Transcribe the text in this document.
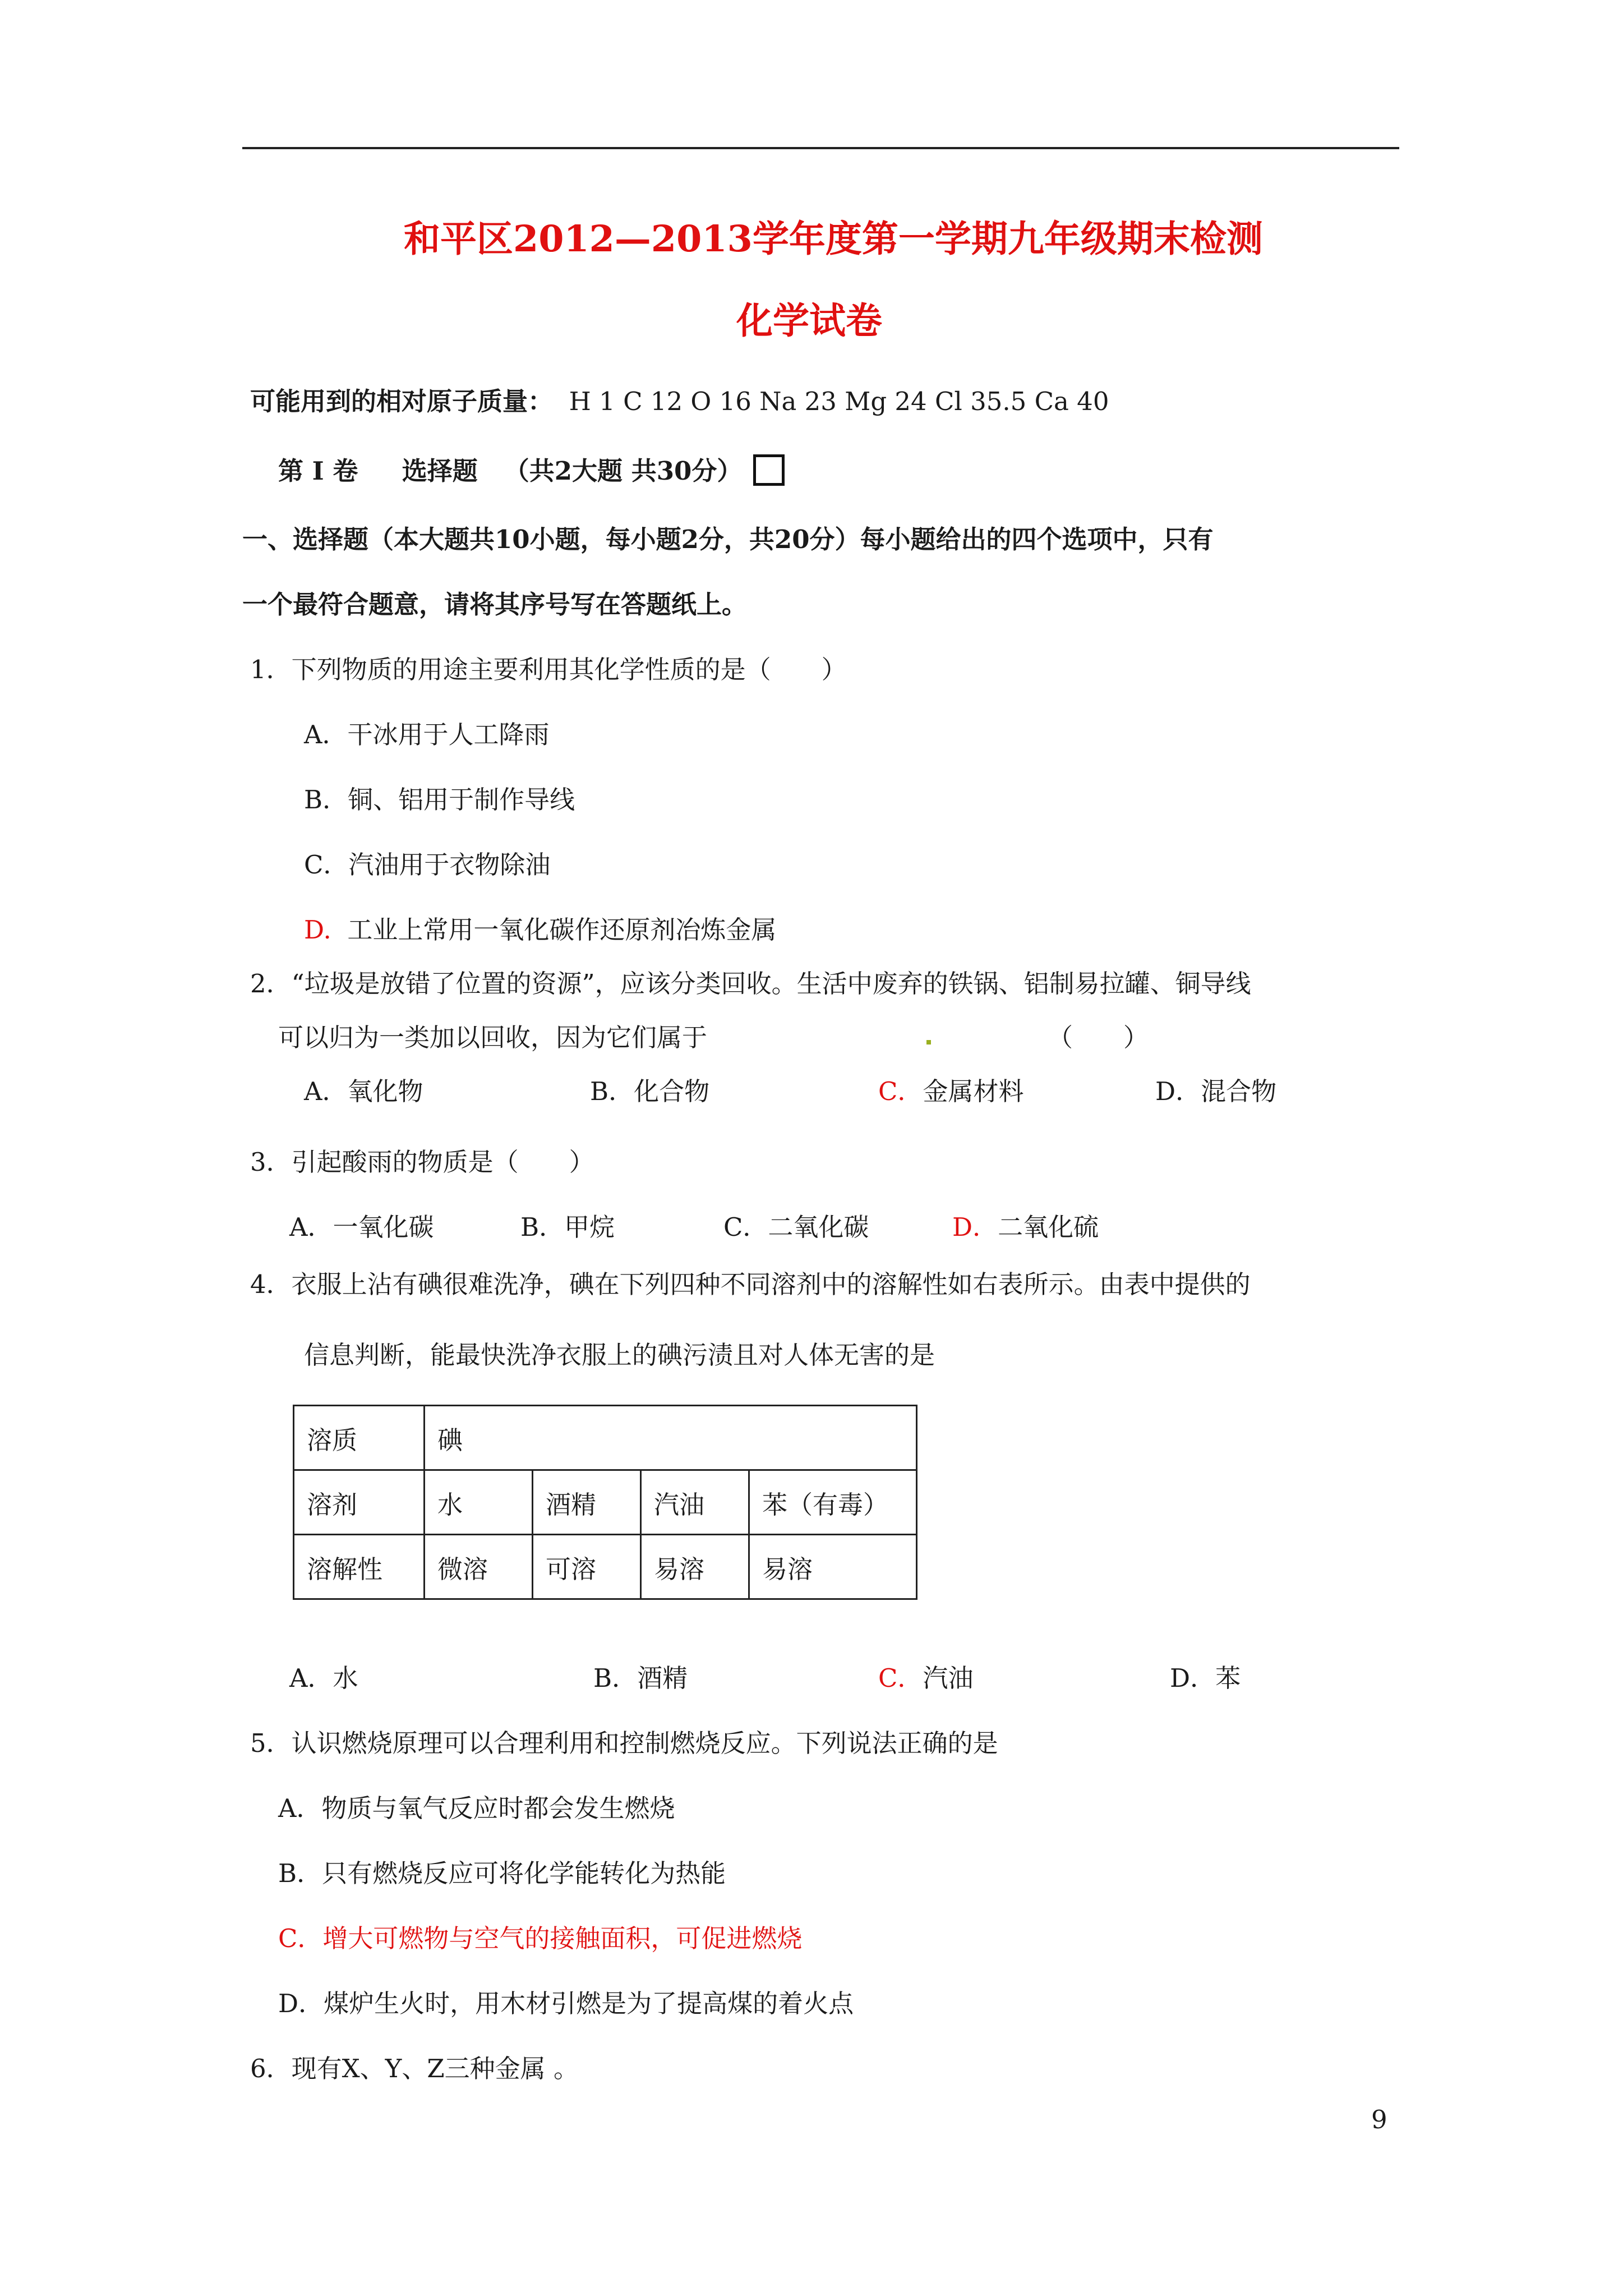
和平区2012—2013学年度第一学期九年级期末检测
化学试卷
可能用到的相对原子质量： H 1 C 12 O 16 Na 23 Mg 24 Cl 35.5 Ca 40
第 Ⅰ 卷 选择题 （共2大题 共30分）
一、选择题（本大题共10小题，每小题2分，共20分）每小题给出的四个选项中，只有
一个最符合题意，请将其序号写在答题纸上。
1．下列物质的用途主要利用其化学性质的是（　　）
A．干冰用于人工降雨
B．铜、铝用于制作导线
C．汽油用于衣物除油
D. 工业上常用一氧化碳作还原剂冶炼金属
2．“垃圾是放错了位置的资源”，应该分类回收。生活中废弃的铁锅、铝制易拉罐、铜导线
可以归为一类加以回收，因为它们属于	（　　）
A．氧化物	B．化合物	C．金属材料	D．混合物
3．引起酸雨的物质是（　　）
A．一氧化碳	B．甲烷	C．二氧化碳	D．二氧化硫
4．衣服上沾有碘很难洗净，碘在下列四种不同溶剂中的溶解性如右表所示。由表中提供的
信息判断，能最快洗净衣服上的碘污渍且对人体无害的是
溶质	碘			
溶剂	水	酒精	汽油	苯（有毒）
溶解性	微溶	可溶	易溶	易溶
A．水	B．酒精	C．汽油	D．苯
5．认识燃烧原理可以合理利用和控制燃烧反应。下列说法正确的是
A．物质与氧气反应时都会发生燃烧
B．只有燃烧反应可将化学能转化为热能
C．增大可燃物与空气的接触面积，可促进燃烧
D．煤炉生火时，用木材引燃是为了提高煤的着火点
6．现有X、Y、Z三种金属 。
9
